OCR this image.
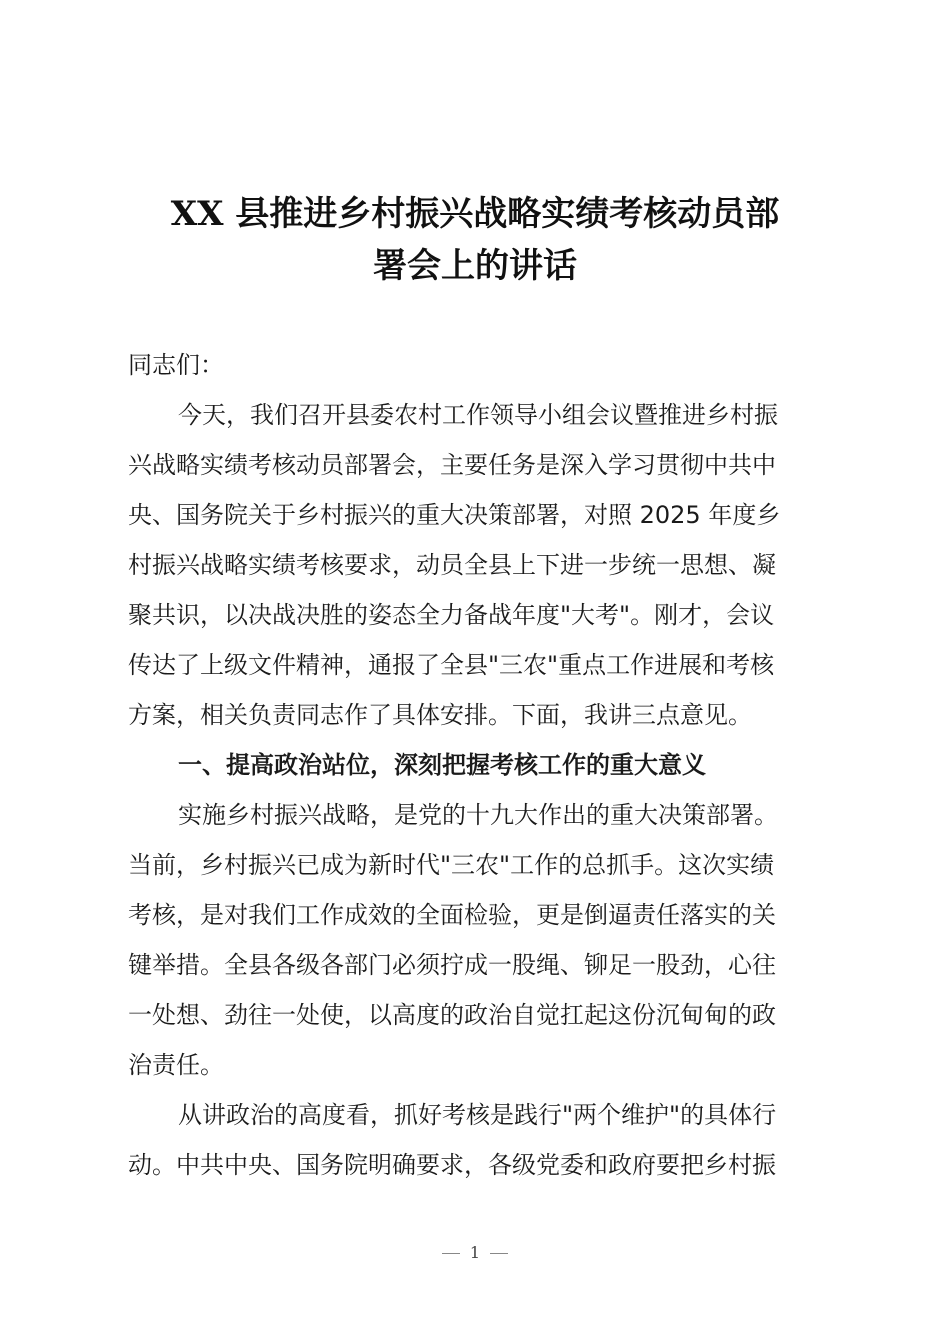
XX 县推进乡村振兴战略实绩考核动员部
署会上的讲话

同志们：

今天，我们召开县委农村工作领导小组会议暨推进乡村振
兴战略实绩考核动员部署会，主要任务是深入学习贯彻中共中
央、国务院关于乡村振兴的重大决策部署，对照 2025 年度乡
村振兴战略实绩考核要求，动员全县上下进一步统一思想、凝
聚共识，以决战决胜的姿态全力备战年度"大考"。刚才，会议
传达了上级文件精神，通报了全县"三农"重点工作进展和考核
方案，相关负责同志作了具体安排。下面，我讲三点意见。

一、提高政治站位，深刻把握考核工作的重大意义

实施乡村振兴战略，是党的十九大作出的重大决策部署。
当前，乡村振兴已成为新时代"三农"工作的总抓手。这次实绩
考核，是对我们工作成效的全面检验，更是倒逼责任落实的关
键举措。全县各级各部门必须拧成一股绳、铆足一股劲，心往
一处想、劲往一处使，以高度的政治自觉扛起这份沉甸甸的政
治责任。

从讲政治的高度看，抓好考核是践行"两个维护"的具体行
动。中共中央、国务院明确要求，各级党委和政府要把乡村振

1
